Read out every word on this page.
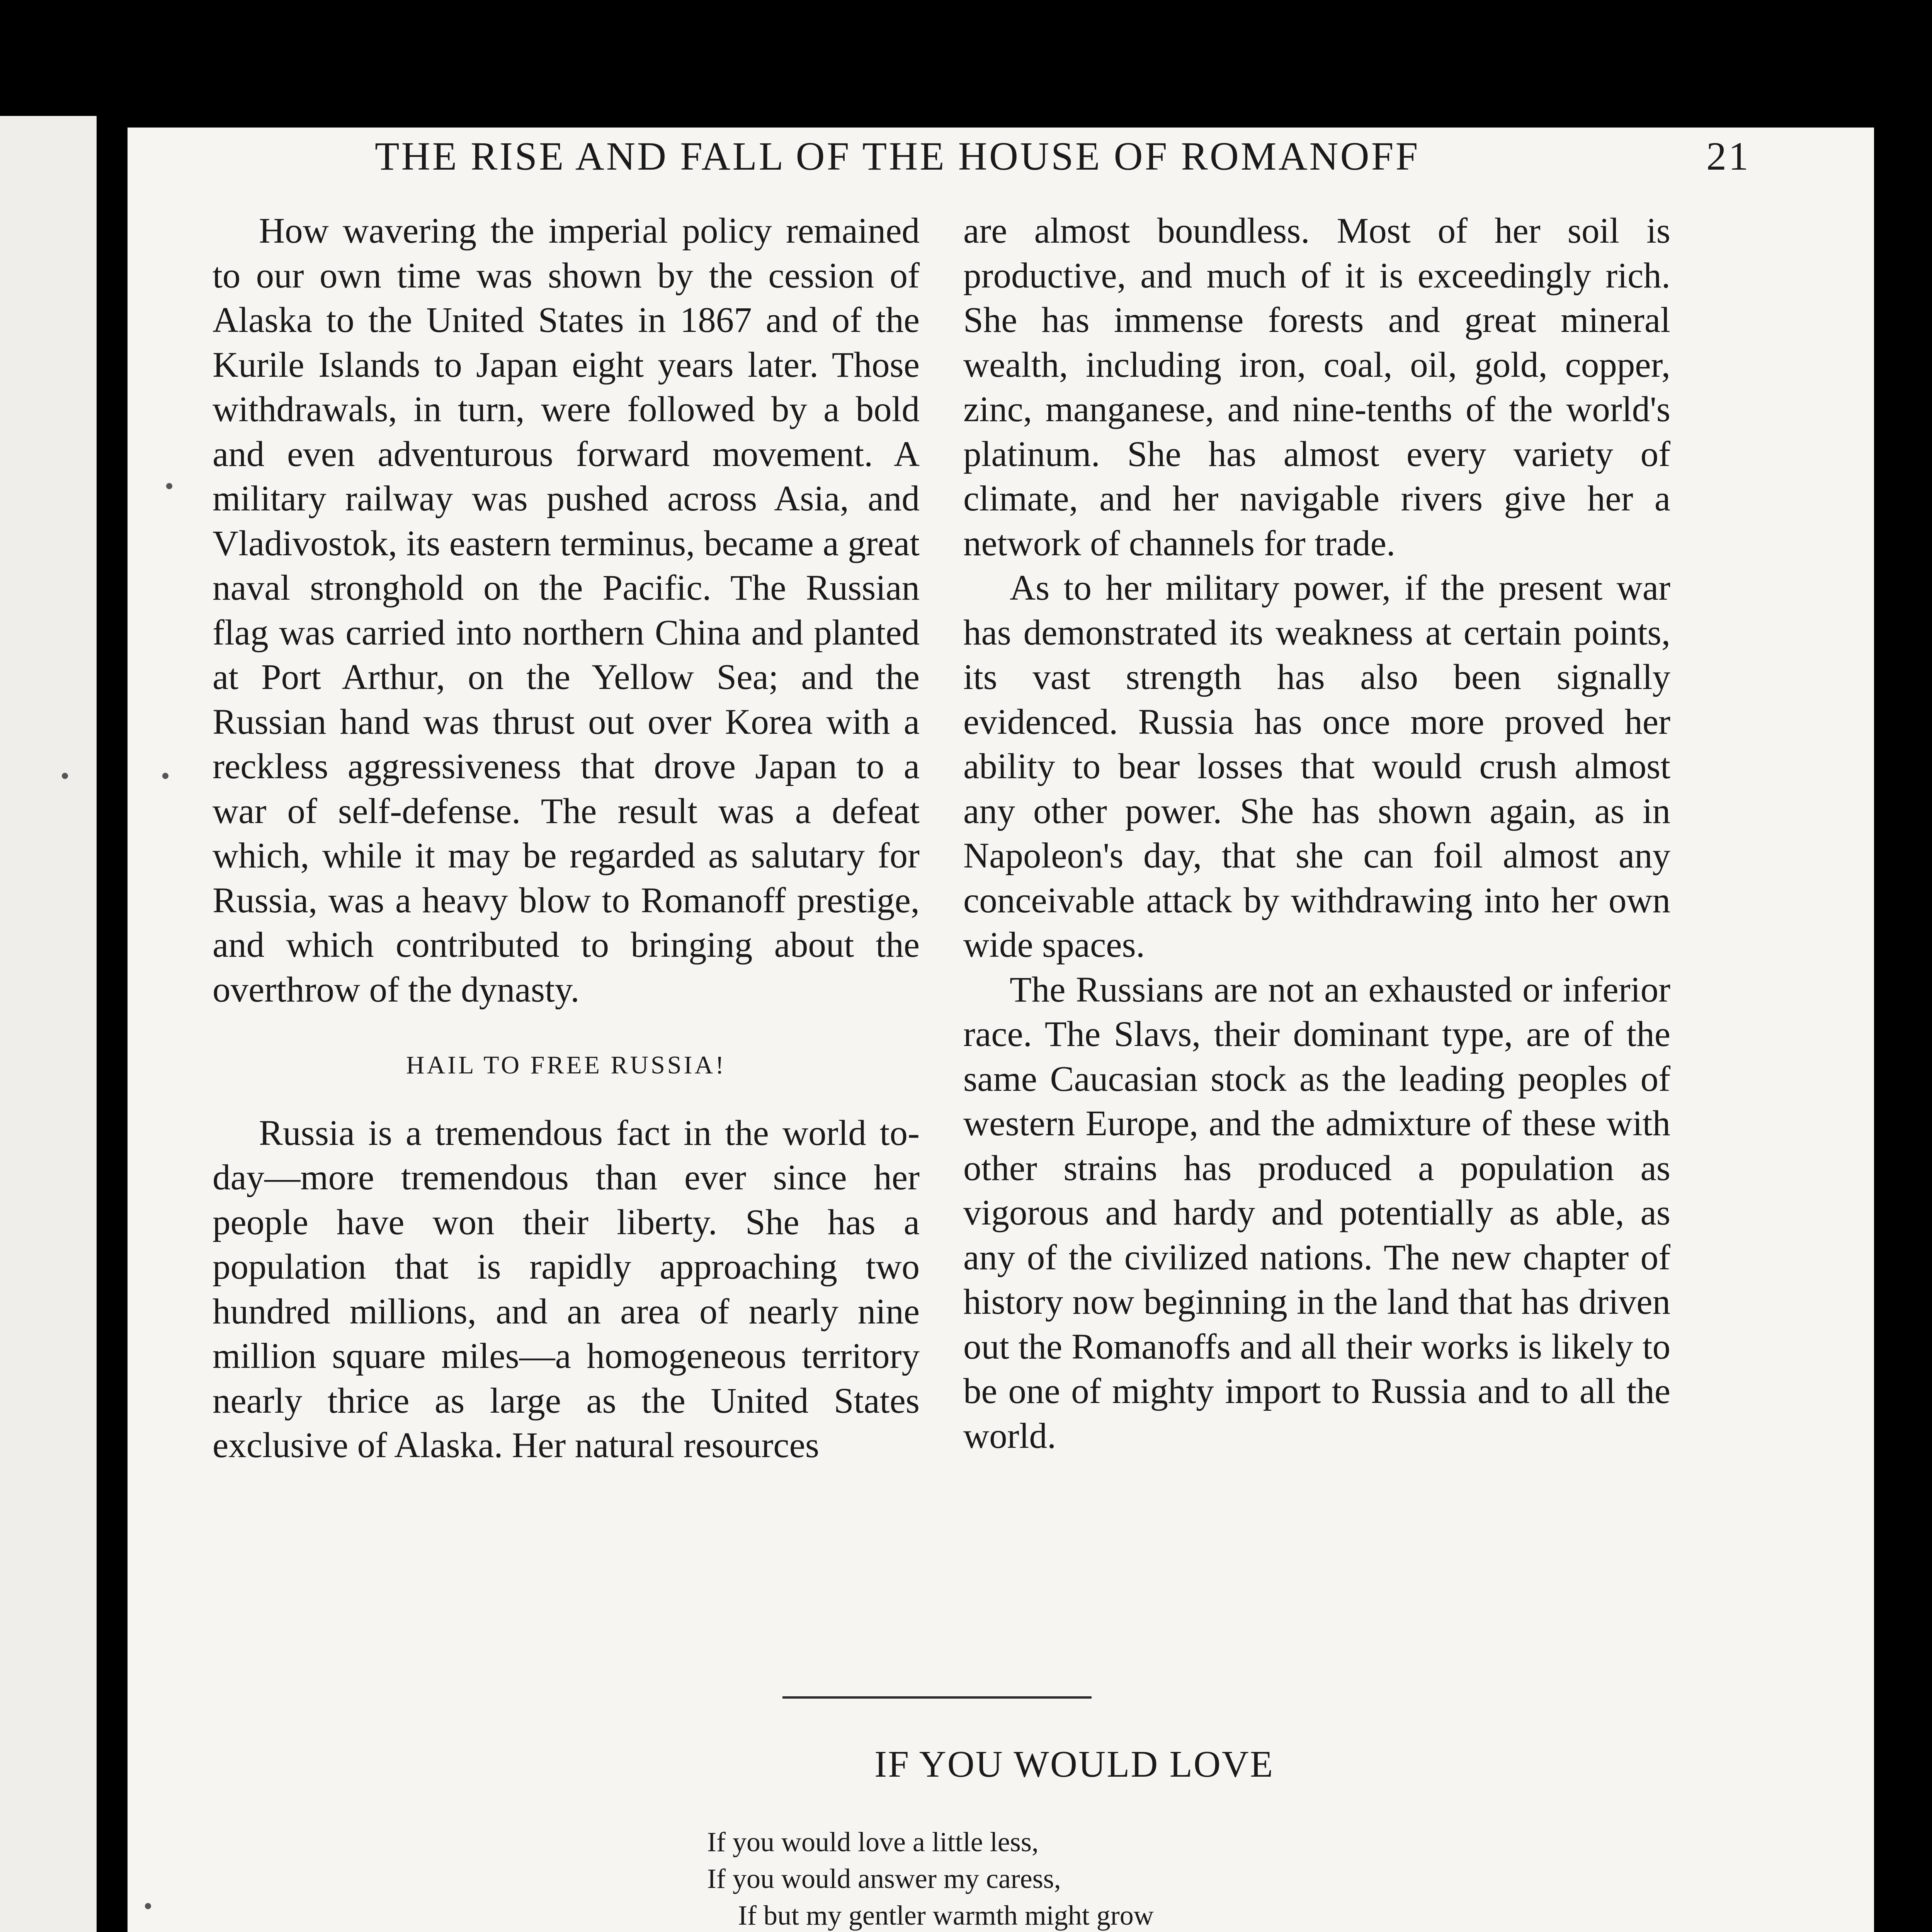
THE RISE AND FALL OF THE HOUSE OF ROMANOFF	21

How wavering the imperial policy remained to our own time was shown by the cession of Alaska to the United States in 1867 and of the Kurile Islands to Japan eight years later. Those withdrawals, in turn, were followed by a bold and even adventurous forward movement. A military railway was pushed across Asia, and Vladivostok, its eastern terminus, became a great naval stronghold on the Pacific. The Russian flag was carried into northern China and planted at Port Arthur, on the Yellow Sea; and the Russian hand was thrust out over Korea with a reckless aggressiveness that drove Japan to a war of self-defense. The result was a defeat which, while it may be regarded as salutary for Russia, was a heavy blow to Romanoff prestige, and which contributed to bringing about the overthrow of the dynasty.

HAIL TO FREE RUSSIA!

Russia is a tremendous fact in the world to-day—more tremendous than ever since her people have won their liberty. She has a population that is rapidly approaching two hundred millions, and an area of nearly nine million square miles—a homogeneous territory nearly thrice as large as the United States exclusive of Alaska. Her natural resources

are almost boundless. Most of her soil is productive, and much of it is exceedingly rich. She has immense forests and great mineral wealth, including iron, coal, oil, gold, copper, zinc, manganese, and nine-tenths of the world's platinum. She has almost every variety of climate, and her navigable rivers give her a network of channels for trade.

As to her military power, if the present war has demonstrated its weakness at certain points, its vast strength has also been signally evidenced. Russia has once more proved her ability to bear losses that would crush almost any other power. She has shown again, as in Napoleon's day, that she can foil almost any conceivable attack by withdrawing into her own wide spaces.

The Russians are not an exhausted or inferior race. The Slavs, their dominant type, are of the same Caucasian stock as the leading peoples of western Europe, and the admixture of these with other strains has produced a population as vigorous and hardy and potentially as able, as any of the civilized nations. The new chapter of history now beginning in the land that has driven out the Romanoffs and all their works is likely to be one of mighty import to Russia and to all the world.

IF YOU WOULD LOVE
If you would love a little less,
If you would answer my caress,
If but my gentler warmth might grow
